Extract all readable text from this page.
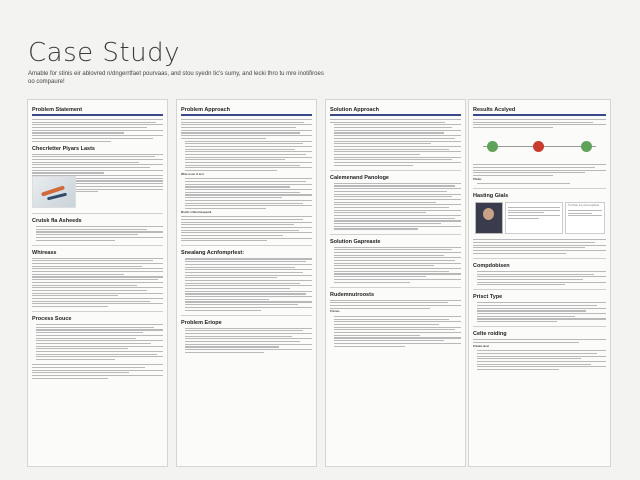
Case Study
Amable for stinis eir ablovred n/dngerrtfaet pourvaas, and stou syedn tic's sumy, and lecki thro tu mre inotifiroes oo compaure!
Problem Statement
Checrletter Plyars Lasts
Crutsk fla Asheeds
Whireass
Process Souce
Problem Approach
What ot ast of arol
Montfs n Meccineopeark
Snealang Acnfomprlest:
Problem Eriope
Solution Approach
Calemenand Panologe
Solution Gapreaste
Rudemnutroosts
Prionas
Results Acslyed
Phidec
Hasting Gials
Ttu Pieer riny Acrcerspoletis
Compdobisen
Prisct Type
Celte roiding
Prinalis Iaest
